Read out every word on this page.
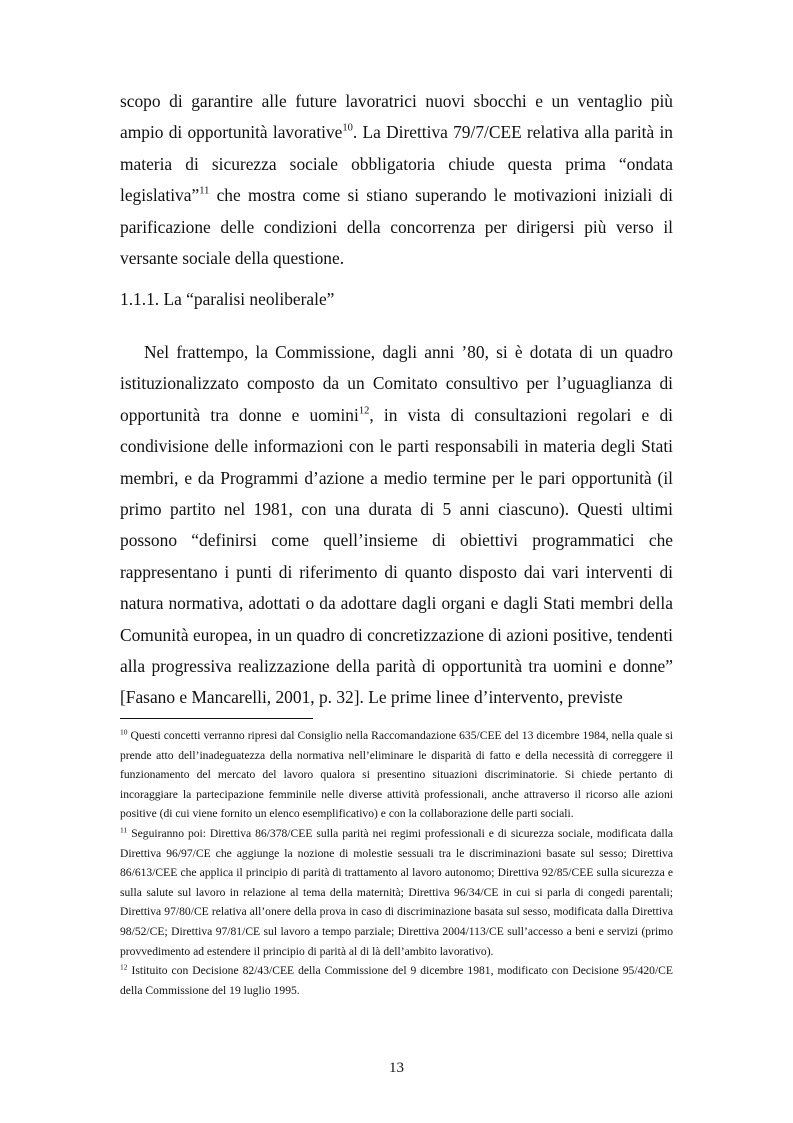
scopo di garantire alle future lavoratrici nuovi sbocchi e un ventaglio più ampio di opportunità lavorative$^{10}$. La Direttiva 79/7/CEE relativa alla parità in materia di sicurezza sociale obbligatoria chiude questa prima “ondata legislativa”$^{11}$ che mostra come si stiano superando le motivazioni iniziali di parificazione delle condizioni della concorrenza per dirigersi più verso il versante sociale della questione.

1.1.1. La “paralisi neoliberale”

Nel frattempo, la Commissione, dagli anni ’80, si è dotata di un quadro istituzionalizzato composto da un Comitato consultivo per l’uguaglianza di opportunità tra donne e uomini$^{12}$, in vista di consultazioni regolari e di condivisione delle informazioni con le parti responsabili in materia degli Stati membri, e da Programmi d’azione a medio termine per le pari opportunità (il primo partito nel 1981, con una durata di 5 anni ciascuno). Questi ultimi possono “definirsi come quell’insieme di obiettivi programmatici che rappresentano i punti di riferimento di quanto disposto dai vari interventi di natura normativa, adottati o da adottare dagli organi e dagli Stati membri della Comunità europea, in un quadro di concretizzazione di azioni positive, tendenti alla progressiva realizzazione della parità di opportunità tra uomini e donne” [Fasano e Mancarelli, 2001, p. 32]. Le prime linee d’intervento, previste

$^{10}$ Questi concetti verranno ripresi dal Consiglio nella Raccomandazione 635/CEE del 13 dicembre 1984, nella quale si prende atto dell’inadeguatezza della normativa nell’eliminare le disparità di fatto e della necessità di correggere il funzionamento del mercato del lavoro qualora si presentino situazioni discriminatorie. Si chiede pertanto di incoraggiare la partecipazione femminile nelle diverse attività professionali, anche attraverso il ricorso alle azioni positive (di cui viene fornito un elenco esemplificativo) e con la collaborazione delle parti sociali.

$^{11}$ Seguiranno poi: Direttiva 86/378/CEE sulla parità nei regimi professionali e di sicurezza sociale, modificata dalla Direttiva 96/97/CE che aggiunge la nozione di molestie sessuali tra le discriminazioni basate sul sesso; Direttiva 86/613/CEE che applica il principio di parità di trattamento al lavoro autonomo; Direttiva 92/85/CEE sulla sicurezza e sulla salute sul lavoro in relazione al tema della maternità; Direttiva 96/34/CE in cui si parla di congedi parentali; Direttiva 97/80/CE relativa all’onere della prova in caso di discriminazione basata sul sesso, modificata dalla Direttiva 98/52/CE; Direttiva 97/81/CE sul lavoro a tempo parziale; Direttiva 2004/113/CE sull’accesso a beni e servizi (primo provvedimento ad estendere il principio di parità al di là dell’ambito lavorativo).

$^{12}$ Istituito con Decisione 82/43/CEE della Commissione del 9 dicembre 1981, modificato con Decisione 95/420/CE della Commissione del 19 luglio 1995.

13
